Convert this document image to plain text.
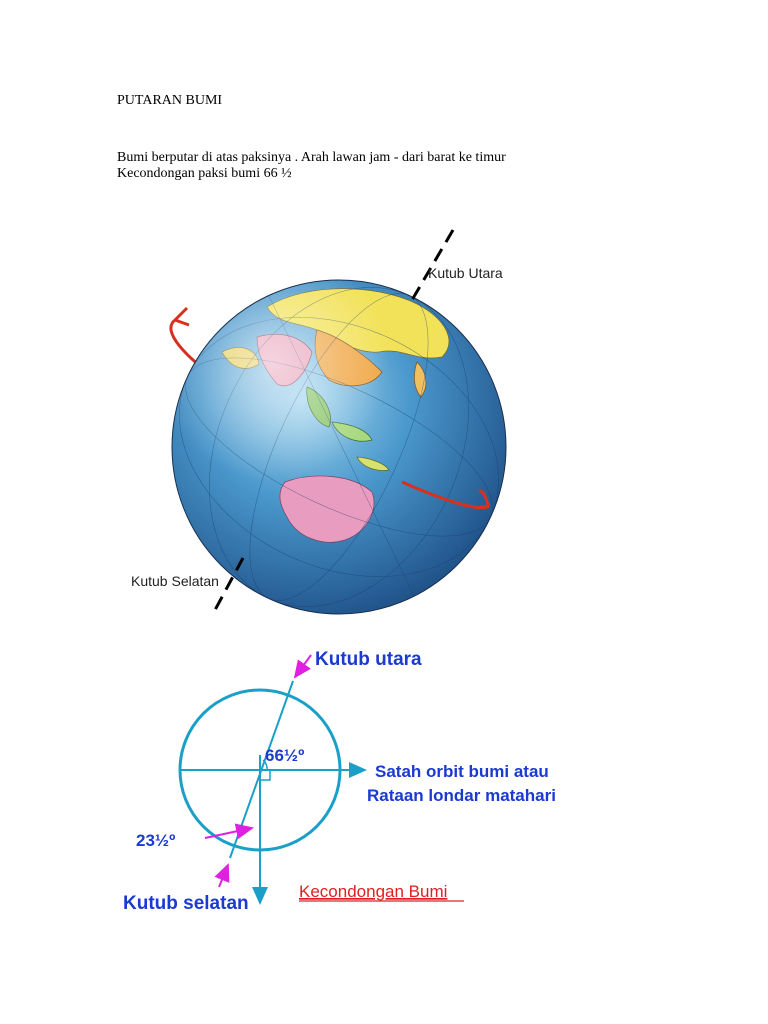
PUTARAN BUMI
Bumi berputar di atas paksinya . Arah lawan jam - dari barat ke timur
Kecondongan paksi bumi 66 ½
Kutub Utara
Kutub Selatan
Kutub utara
66½º
Satah orbit bumi atau
Rataan londar matahari
23½º
Kutub selatan
Kecondongan Bumi
